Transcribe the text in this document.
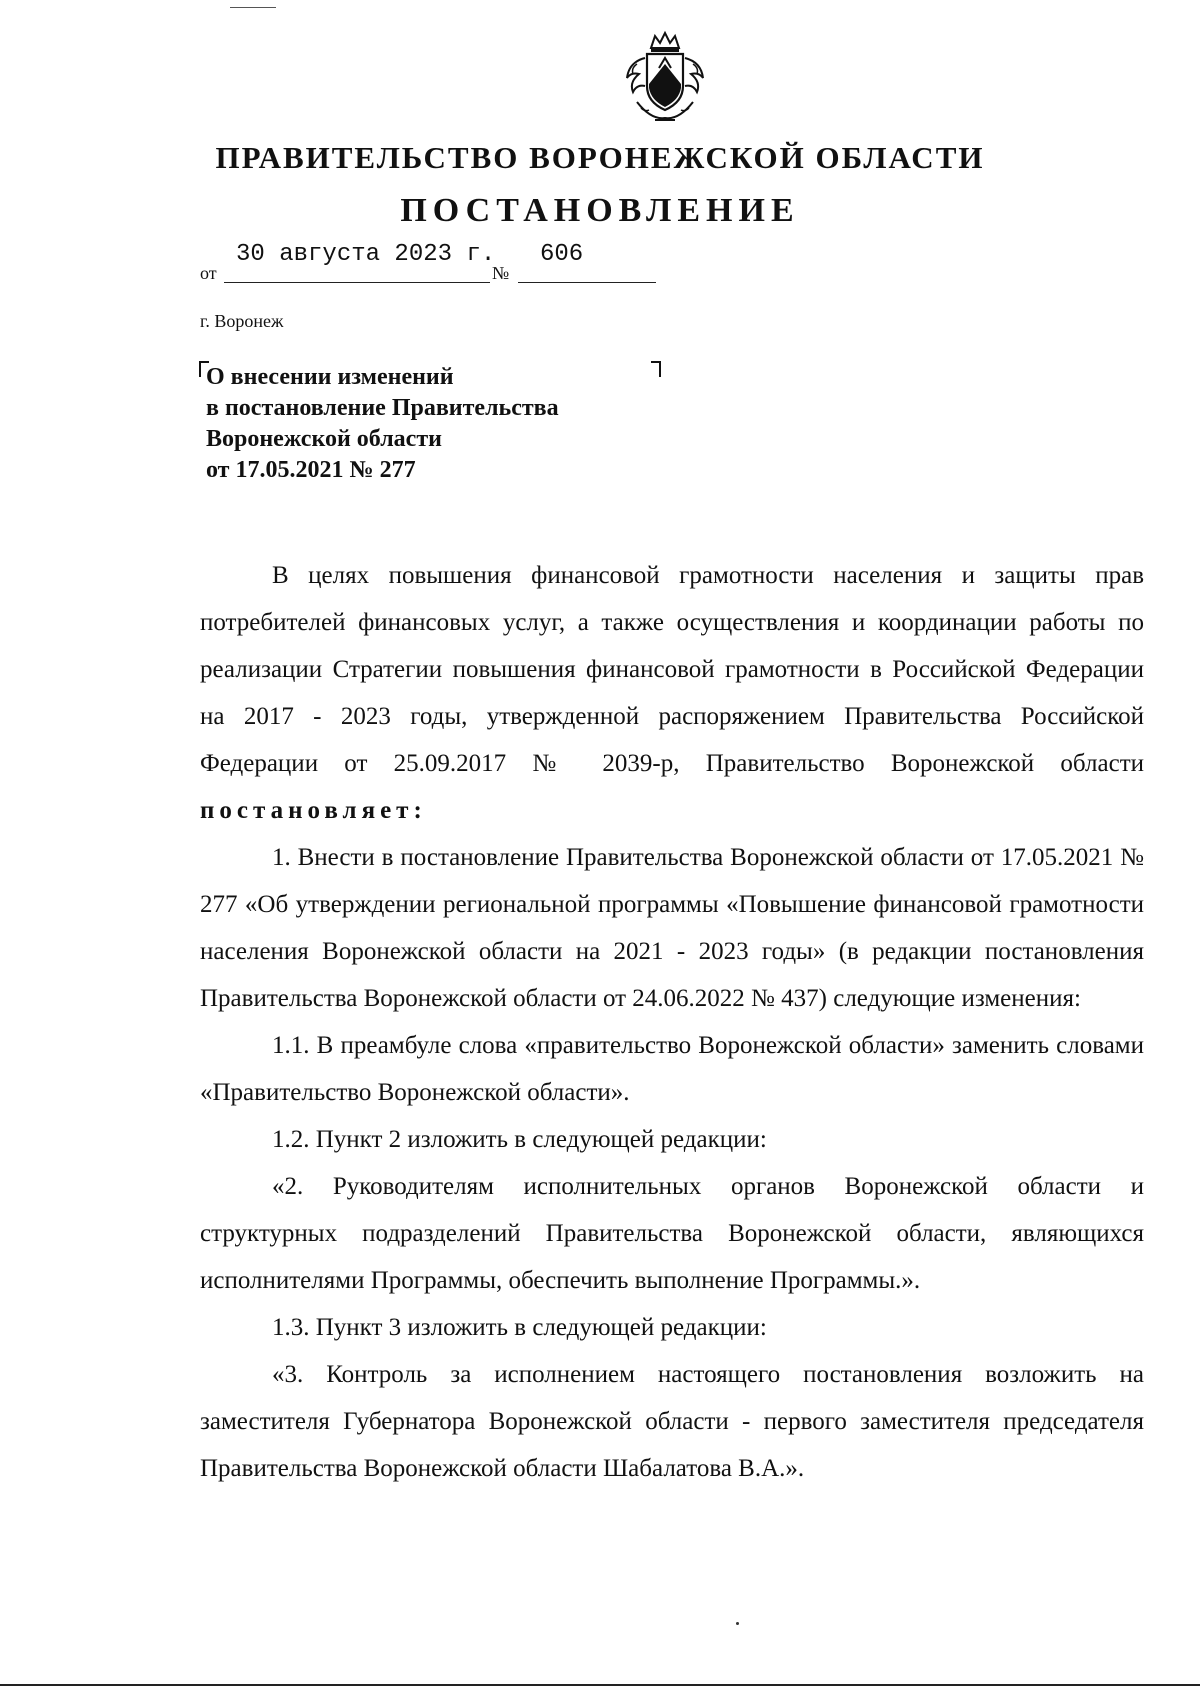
ПРАВИТЕЛЬСТВО ВОРОНЕЖСКОЙ ОБЛАСТИ
ПОСТАНОВЛЕНИЕ
от
30 августа 2023 г.
№
606
г. Воронеж
О внесении изменений
в постановление Правительства
Воронежской области
от 17.05.2021 № 277

В целях повышения финансовой грамотности населения и защиты прав потребителей финансовых услуг, а также осуществления и координации работы по реализации Стратегии повышения финансовой грамотности в Российской Федерации на 2017 - 2023 годы, утвержденной распоряжением Правительства Российской Федерации от 25.09.2017 № 2039-р, Правительство Воронежской области постановляет:

1. Внести в постановление Правительства Воронежской области от 17.05.2021 № 277 «Об утверждении региональной программы «Повышение финансовой грамотности населения Воронежской области на 2021 - 2023 годы» (в редакции постановления Правительства Воронежской области от 24.06.2022 № 437) следующие изменения:

1.1. В преамбуле слова «правительство Воронежской области» заменить словами «Правительство Воронежской области».

1.2. Пункт 2 изложить в следующей редакции:

«2. Руководителям исполнительных органов Воронежской области и структурных подразделений Правительства Воронежской области, являющихся исполнителями Программы, обеспечить выполнение Программы.».

1.3. Пункт 3 изложить в следующей редакции:

«3. Контроль за исполнением настоящего постановления возложить на заместителя Губернатора Воронежской области - первого заместителя председателя Правительства Воронежской области Шабалатова В.А.».
